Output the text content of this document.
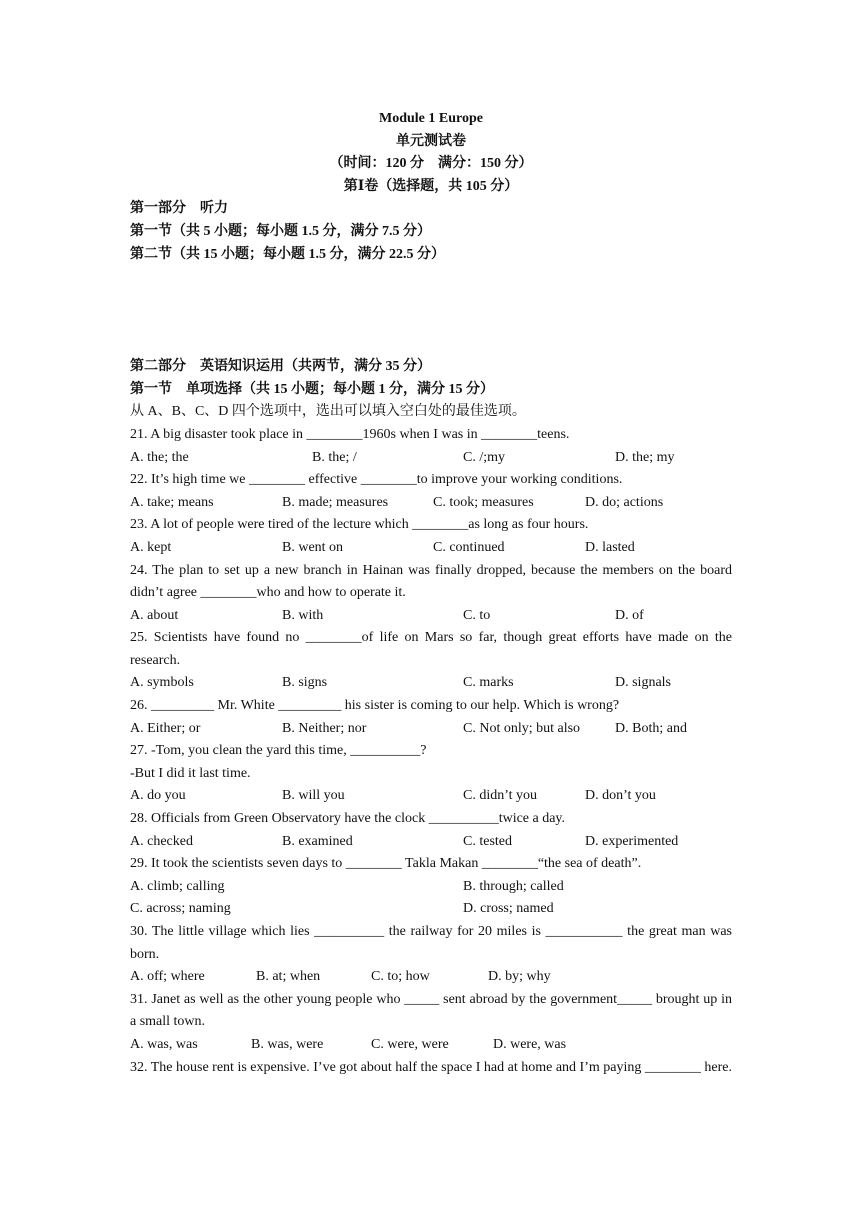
Module 1 Europe
单元测试卷
（时间：120 分　满分：150 分）
第Ⅰ卷（选择题，共 105 分）
第一部分　听力
第一节（共 5 小题；每小题 1.5 分，满分 7.5 分）
第二节（共 15 小题；每小题 1.5 分，满分 22.5 分）
第二部分　英语知识运用（共两节，满分 35 分）
第一节　单项选择（共 15 小题；每小题 1 分，满分 15 分）
从 A、B、C、D 四个选项中，选出可以填入空白处的最佳选项。
21. A big disaster took place in ________1960s when I was in ________teens.
A. the; the	B. the; /	C. /;my	D. the; my
22. It’s high time we ________ effective ________to improve your working conditions.
A. take; means	B. made; measures	C. took; measures	D. do; actions
23. A lot of people were tired of the lecture which ________as long as four hours.
A. kept	B. went on	C. continued	D. lasted
24. The plan to set up a new branch in Hainan was finally dropped, because the members on the board didn’t agree ________who and how to operate it.
A. about	B. with	C. to	D. of
25. Scientists have found no ________of life on Mars so far, though great efforts have made on the research.
A. symbols	B. signs	C. marks	D. signals
26. _________ Mr. White _________ his sister is coming to our help. Which is wrong?
A. Either; or	B. Neither; nor	C. Not only; but also D. Both; and
27. -Tom, you clean the yard this time, __________?
-But I did it last time.
A. do you	B. will you	C. didn’t you	D. don’t you
28. Officials from Green Observatory have the clock __________twice a day.
A. checked	B. examined	C. tested	D. experimented
29. It took the scientists seven days to ________ Takla Makan ________“the sea of death”.
A. climb; calling	B. through; called
C. across; naming	D. cross; named
30. The little village which lies __________ the railway for 20 miles is ___________ the great man was born.
A. off; where	B. at; when	C. to; how	D. by; why
31. Janet as well as the other young people who _____ sent abroad by the government_____ brought up in a small town.
A. was, was	B. was, were	C. were, were	D. were, was
32. The house rent is expensive. I’ve got about half the space I had at home and I’m paying ________ here.
